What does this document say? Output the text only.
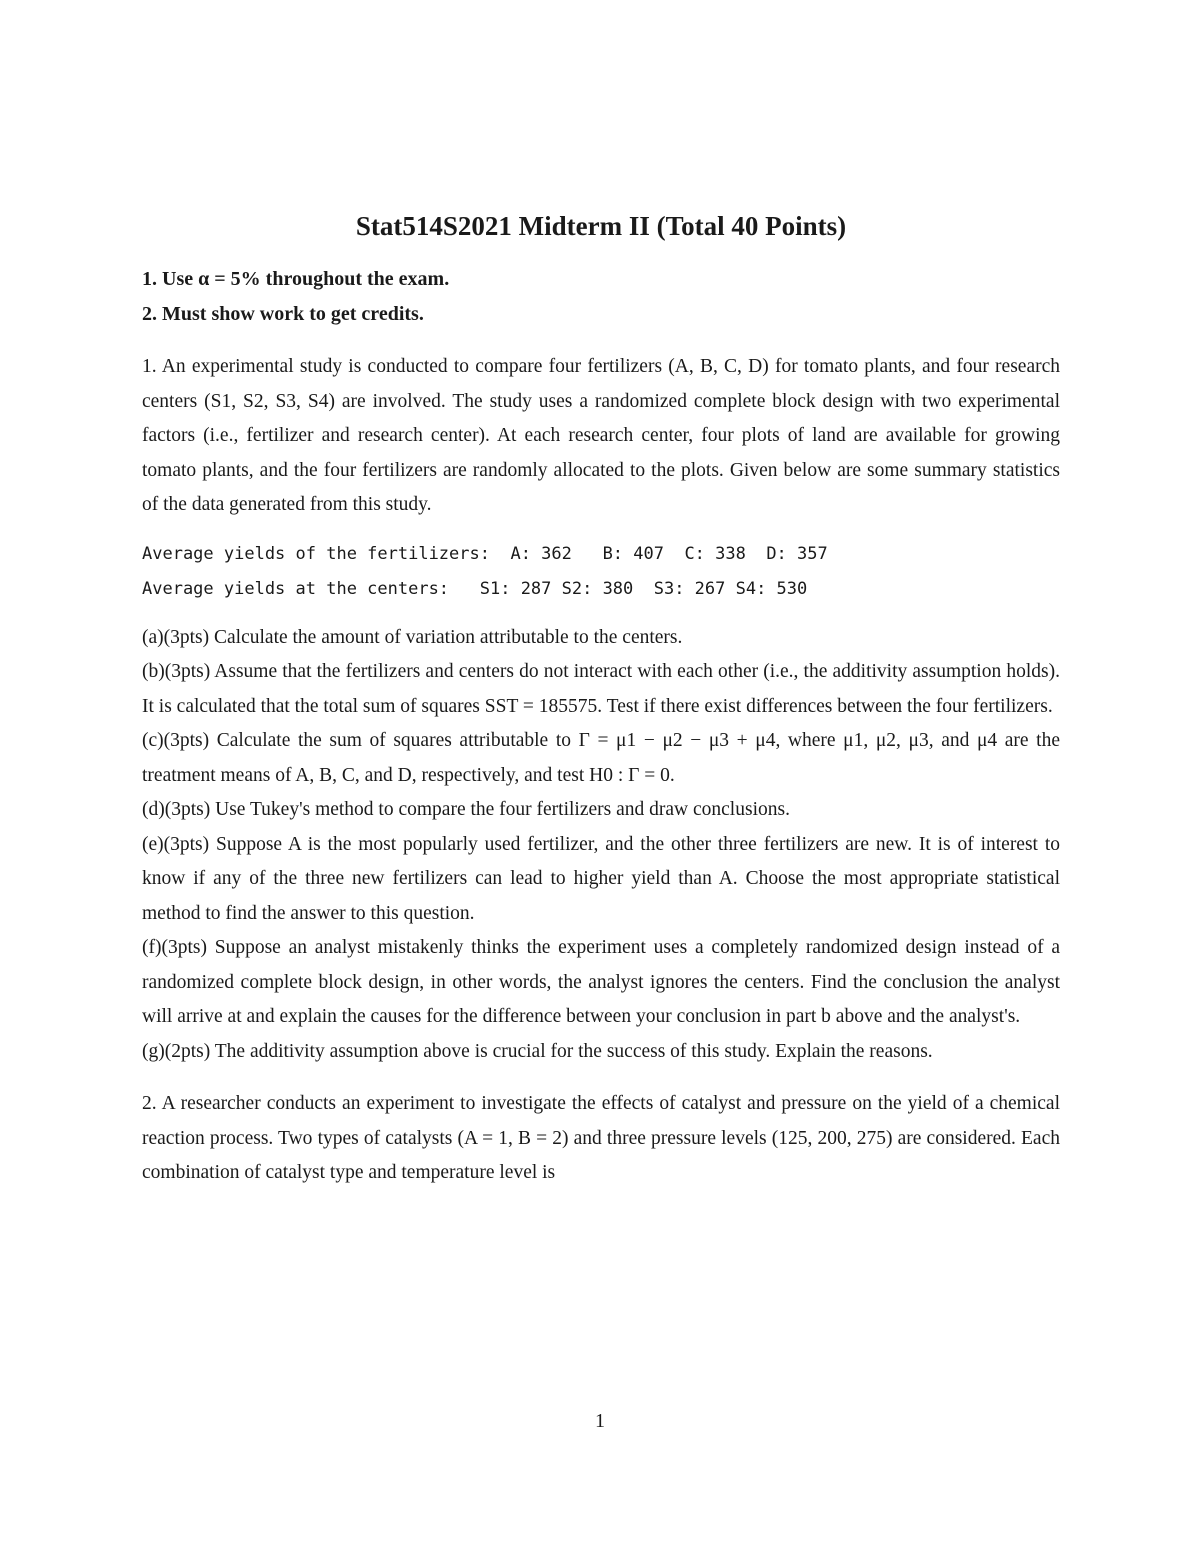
Stat514S2021 Midterm II (Total 40 Points)

1. Use α = 5% throughout the exam.

2. Must show work to get credits.

1. An experimental study is conducted to compare four fertilizers (A, B, C, D) for tomato plants, and four research centers (S1, S2, S3, S4) are involved. The study uses a randomized complete block design with two experimental factors (i.e., fertilizer and research center). At each research center, four plots of land are available for growing tomato plants, and the four fertilizers are randomly allocated to the plots. Given below are some summary statistics of the data generated from this study.

Average yields of the fertilizers:  A: 362   B: 407  C: 338  D: 357

Average yields at the centers:   S1: 287 S2: 380  S3: 267 S4: 530

(a)(3pts) Calculate the amount of variation attributable to the centers.

(b)(3pts) Assume that the fertilizers and centers do not interact with each other (i.e., the additivity assumption holds). It is calculated that the total sum of squares SST = 185575. Test if there exist differences between the four fertilizers.

(c)(3pts) Calculate the sum of squares attributable to Γ = μ1 − μ2 − μ3 + μ4, where μ1, μ2, μ3, and μ4 are the treatment means of A, B, C, and D, respectively, and test H0 : Γ = 0.

(d)(3pts) Use Tukey's method to compare the four fertilizers and draw conclusions.

(e)(3pts) Suppose A is the most popularly used fertilizer, and the other three fertilizers are new. It is of interest to know if any of the three new fertilizers can lead to higher yield than A. Choose the most appropriate statistical method to find the answer to this question.

(f)(3pts) Suppose an analyst mistakenly thinks the experiment uses a completely randomized design instead of a randomized complete block design, in other words, the analyst ignores the centers. Find the conclusion the analyst will arrive at and explain the causes for the difference between your conclusion in part b above and the analyst's.

(g)(2pts) The additivity assumption above is crucial for the success of this study. Explain the reasons.

2. A researcher conducts an experiment to investigate the effects of catalyst and pressure on the yield of a chemical reaction process. Two types of catalysts (A = 1, B = 2) and three pressure levels (125, 200, 275) are considered. Each combination of catalyst type and temperature level is

1
